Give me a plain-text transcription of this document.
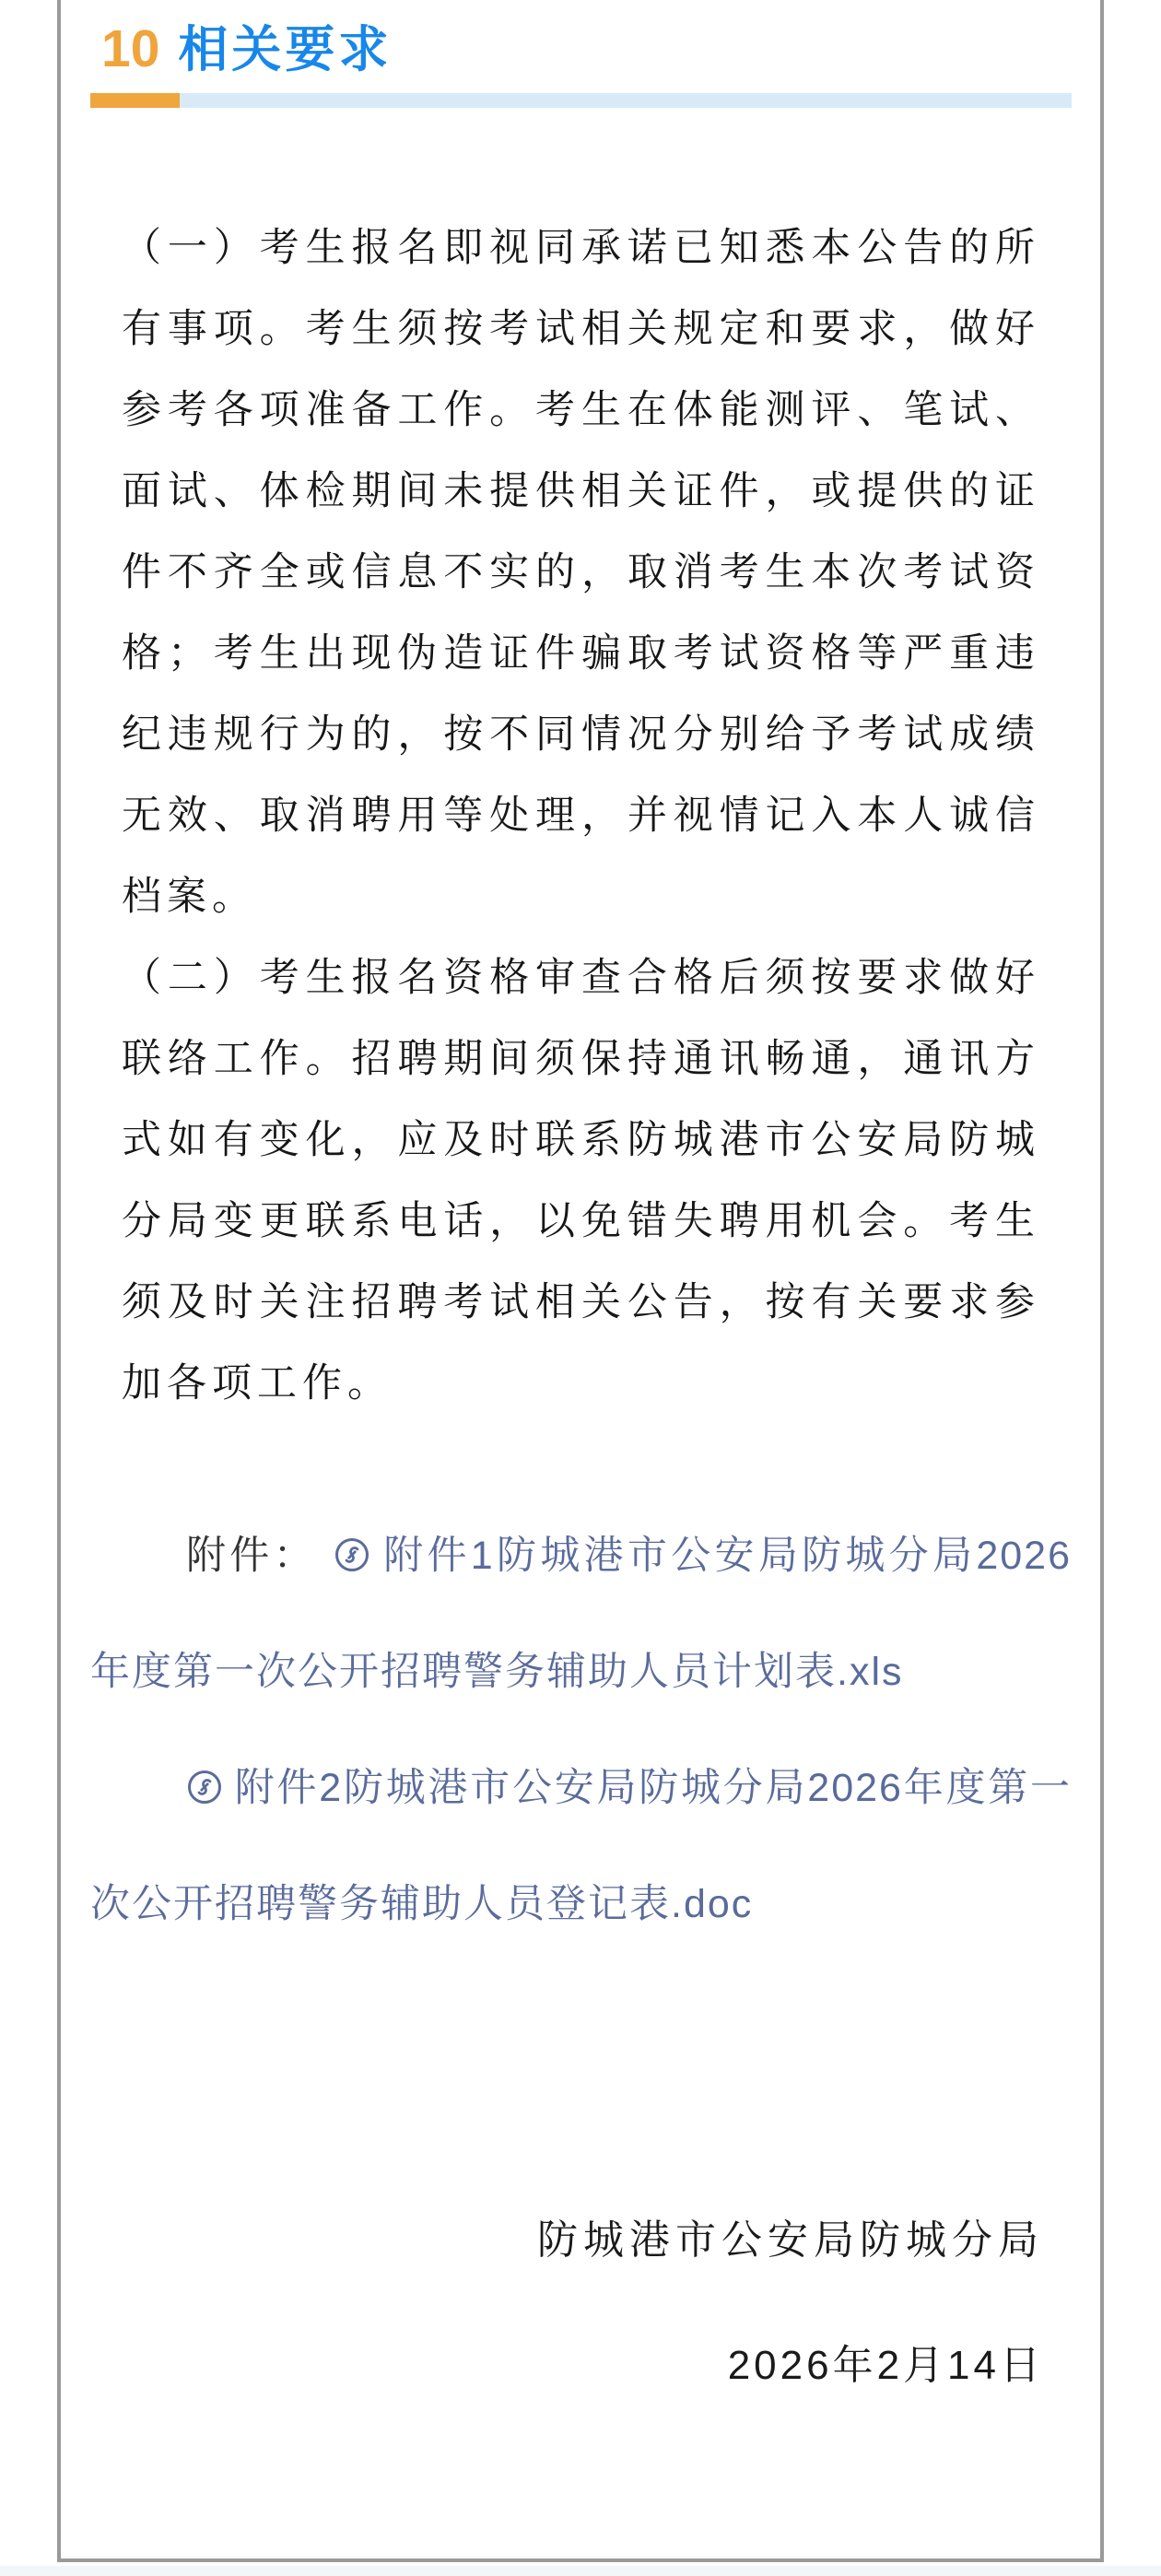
10 相关要求

（一）考生报名即视同承诺已知悉本公告的所有事项。考生须按考试相关规定和要求，做好参考各项准备工作。考生在体能测评、笔试、面试、体检期间未提供相关证件，或提供的证件不齐全或信息不实的，取消考生本次考试资格；考生出现伪造证件骗取考试资格等严重违纪违规行为的，按不同情况分别给予考试成绩无效、取消聘用等处理，并视情记入本人诚信档案。

（二）考生报名资格审查合格后须按要求做好联络工作。招聘期间须保持通讯畅通，通讯方式如有变化，应及时联系防城港市公安局防城分局变更联系电话，以免错失聘用机会。考生须及时关注招聘考试相关公告，按有关要求参加各项工作。

附件： 附件1防城港市公安局防城分局2026年度第一次公开招聘警务辅助人员计划表.xls

附件2防城港市公安局防城分局2026年度第一次公开招聘警务辅助人员登记表.doc

防城港市公安局防城分局
2026年2月14日
